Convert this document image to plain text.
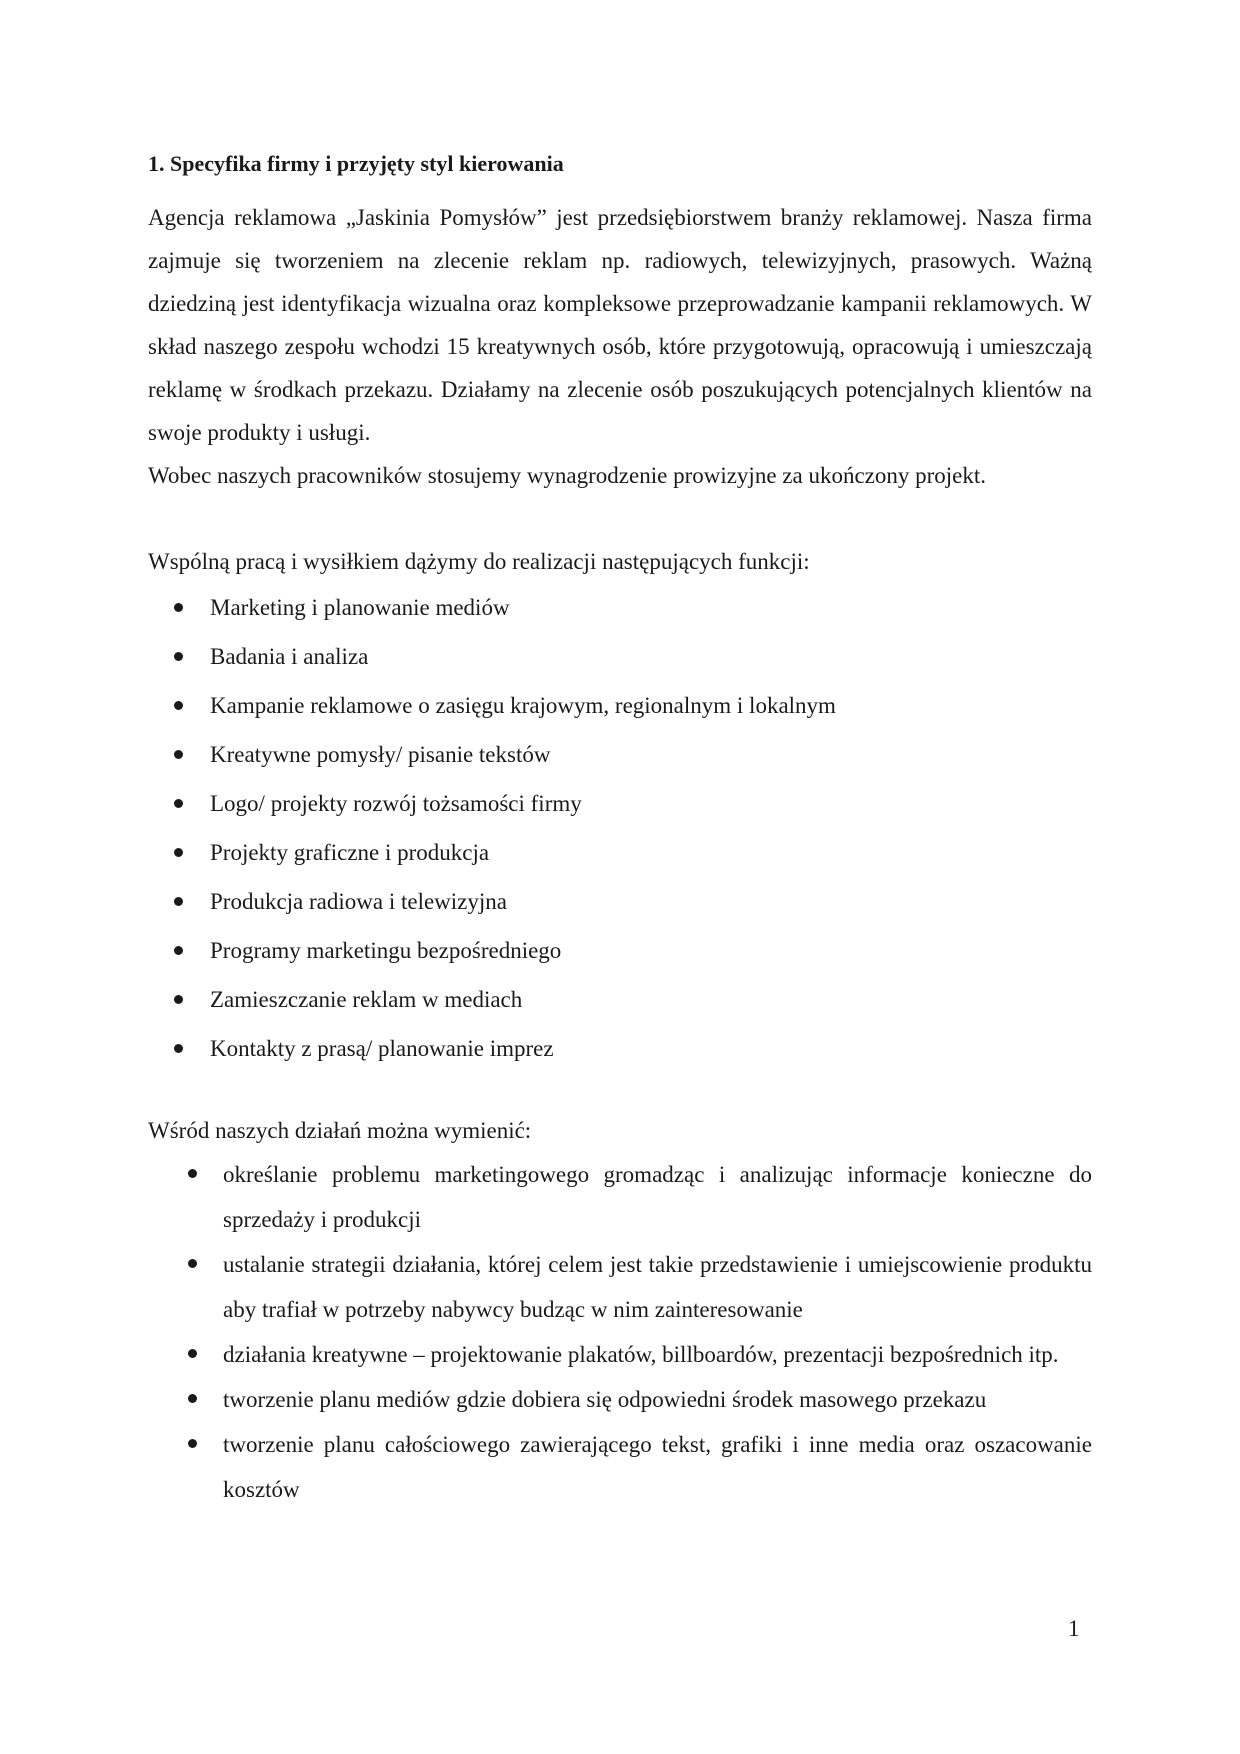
1. Specyfika firmy i przyjęty styl kierowania

Agencja reklamowa „Jaskinia Pomysłów” jest przedsiębiorstwem branży reklamowej. Nasza firma zajmuje się tworzeniem na zlecenie reklam np. radiowych, telewizyjnych, prasowych. Ważną dziedziną jest identyfikacja wizualna oraz kompleksowe przeprowadzanie kampanii reklamowych. W skład naszego zespołu wchodzi 15 kreatywnych osób, które przygotowują, opracowują i umieszczają reklamę w środkach przekazu. Działamy na zlecenie osób poszukujących potencjalnych klientów na swoje produkty i usługi.

Wobec naszych pracowników stosujemy wynagrodzenie prowizyjne za ukończony projekt.

Wspólną pracą i wysiłkiem dążymy do realizacji następujących funkcji:

Marketing i planowanie mediów
Badania i analiza
Kampanie reklamowe o zasięgu krajowym, regionalnym i lokalnym
Kreatywne pomysły/ pisanie tekstów
Logo/ projekty rozwój tożsamości firmy
Projekty graficzne i produkcja
Produkcja radiowa i telewizyjna
Programy marketingu bezpośredniego
Zamieszczanie reklam w mediach
Kontakty z prasą/ planowanie imprez

Wśród naszych działań można wymienić:

określanie problemu marketingowego gromadząc i analizując informacje konieczne do sprzedaży i produkcji
ustalanie strategii działania, której celem jest takie przedstawienie i umiejscowienie produktu aby trafiał w potrzeby nabywcy budząc w nim zainteresowanie
działania kreatywne – projektowanie plakatów, billboardów, prezentacji bezpośrednich itp.
tworzenie planu mediów gdzie dobiera się odpowiedni środek masowego przekazu
tworzenie planu całościowego zawierającego tekst, grafiki i inne media oraz oszacowanie kosztów
1
